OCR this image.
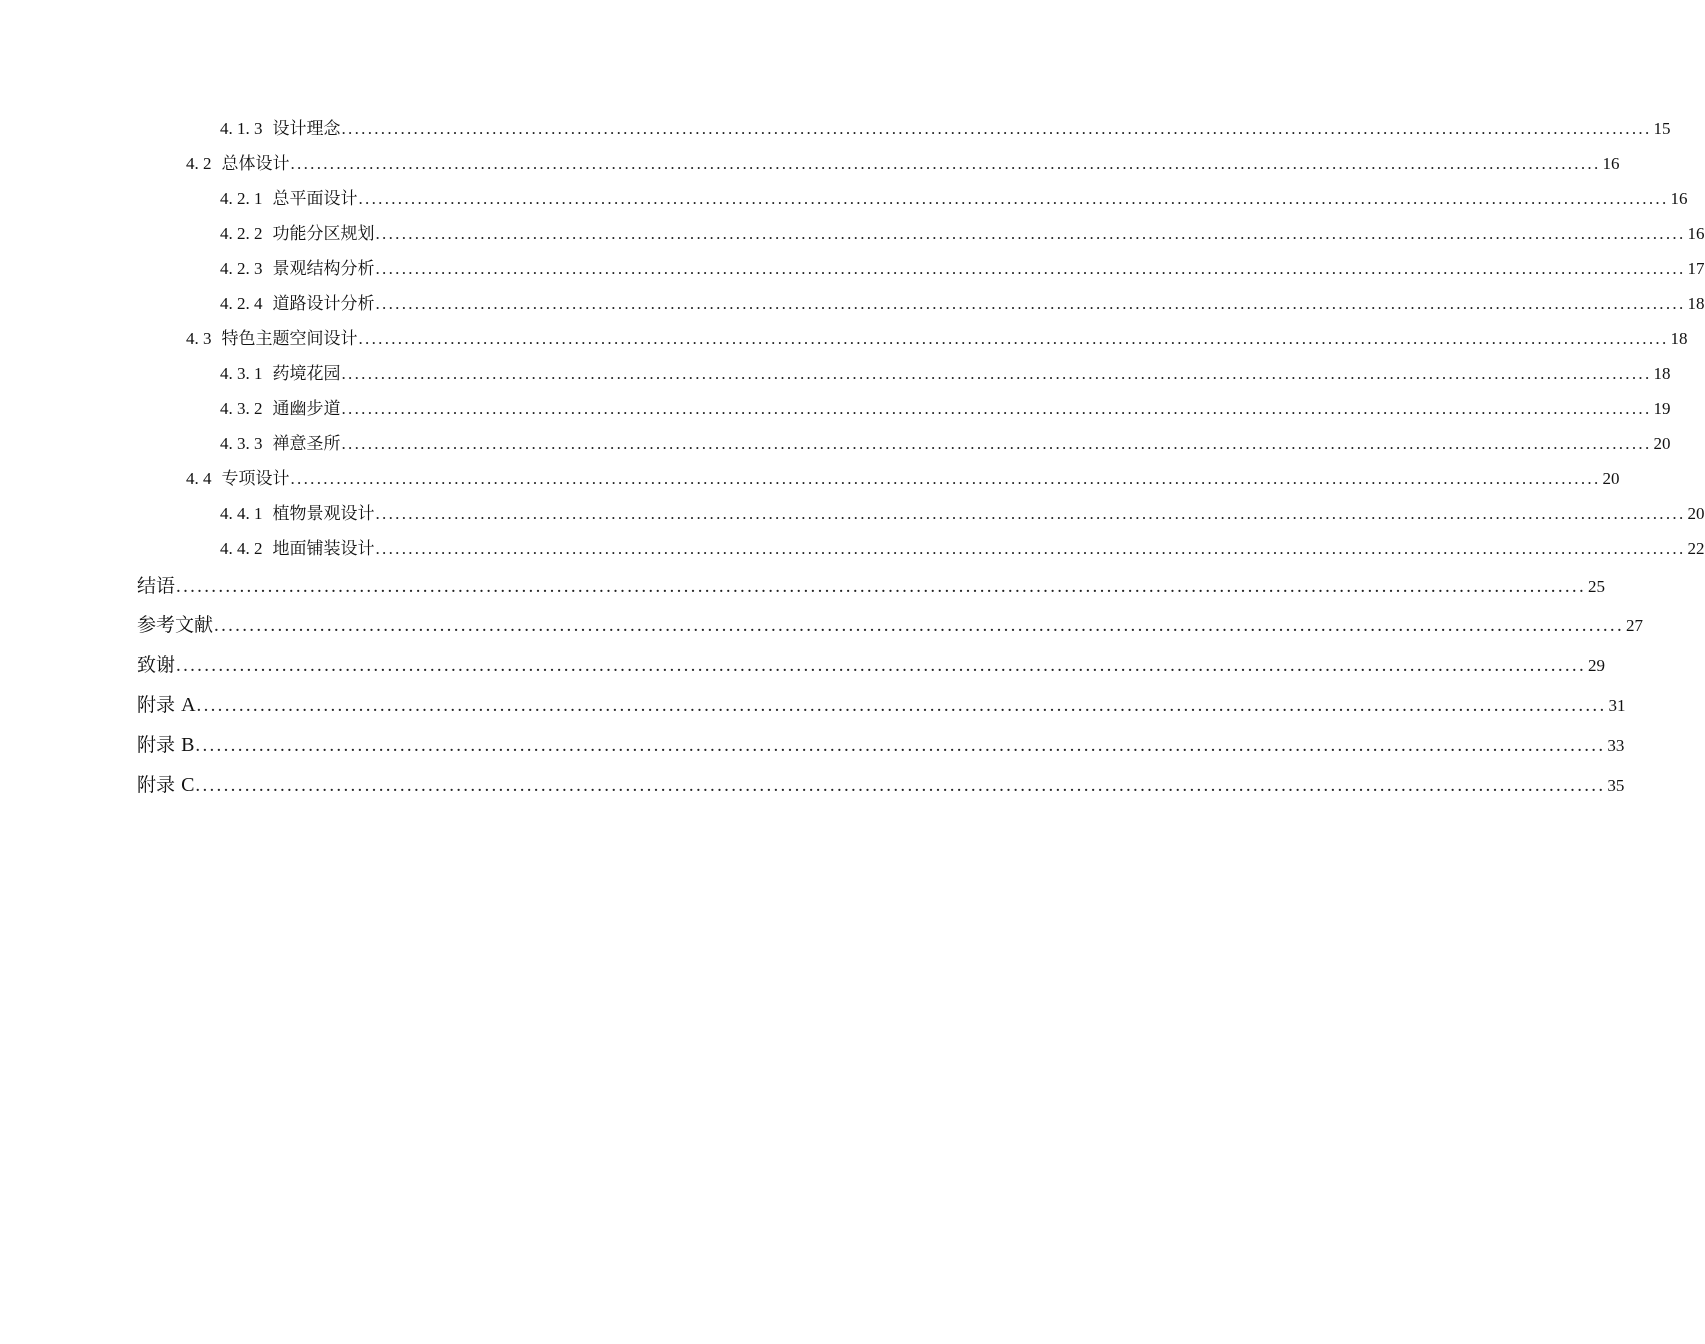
4. 1. 3 设计理念 ........................................................................................................................................................................................................ 15
4. 2 总体设计 ........................................................................................................................................................................................................ 16
4. 2. 1 总平面设计 ........................................................................................................................................................................................................ 16
4. 2. 2 功能分区规划 ........................................................................................................................................................................................................ 16
4. 2. 3 景观结构分析 ........................................................................................................................................................................................................ 17
4. 2. 4 道路设计分析 ........................................................................................................................................................................................................ 18
4. 3 特色主题空间设计 ........................................................................................................................................................................................................ 18
4. 3. 1 药境花园 ........................................................................................................................................................................................................ 18
4. 3. 2 通幽步道 ........................................................................................................................................................................................................ 19
4. 3. 3 禅意圣所 ........................................................................................................................................................................................................ 20
4. 4 专项设计 ........................................................................................................................................................................................................ 20
4. 4. 1 植物景观设计 ........................................................................................................................................................................................................ 20
4. 4. 2 地面铺装设计 ........................................................................................................................................................................................................ 22
结语 ........................................................................................................................................................................................................ 25
参考文献 ........................................................................................................................................................................................................ 27
致谢 ........................................................................................................................................................................................................ 29
附录 A ........................................................................................................................................................................................................ 31
附录 B ........................................................................................................................................................................................................ 33
附录 C ........................................................................................................................................................................................................ 35
